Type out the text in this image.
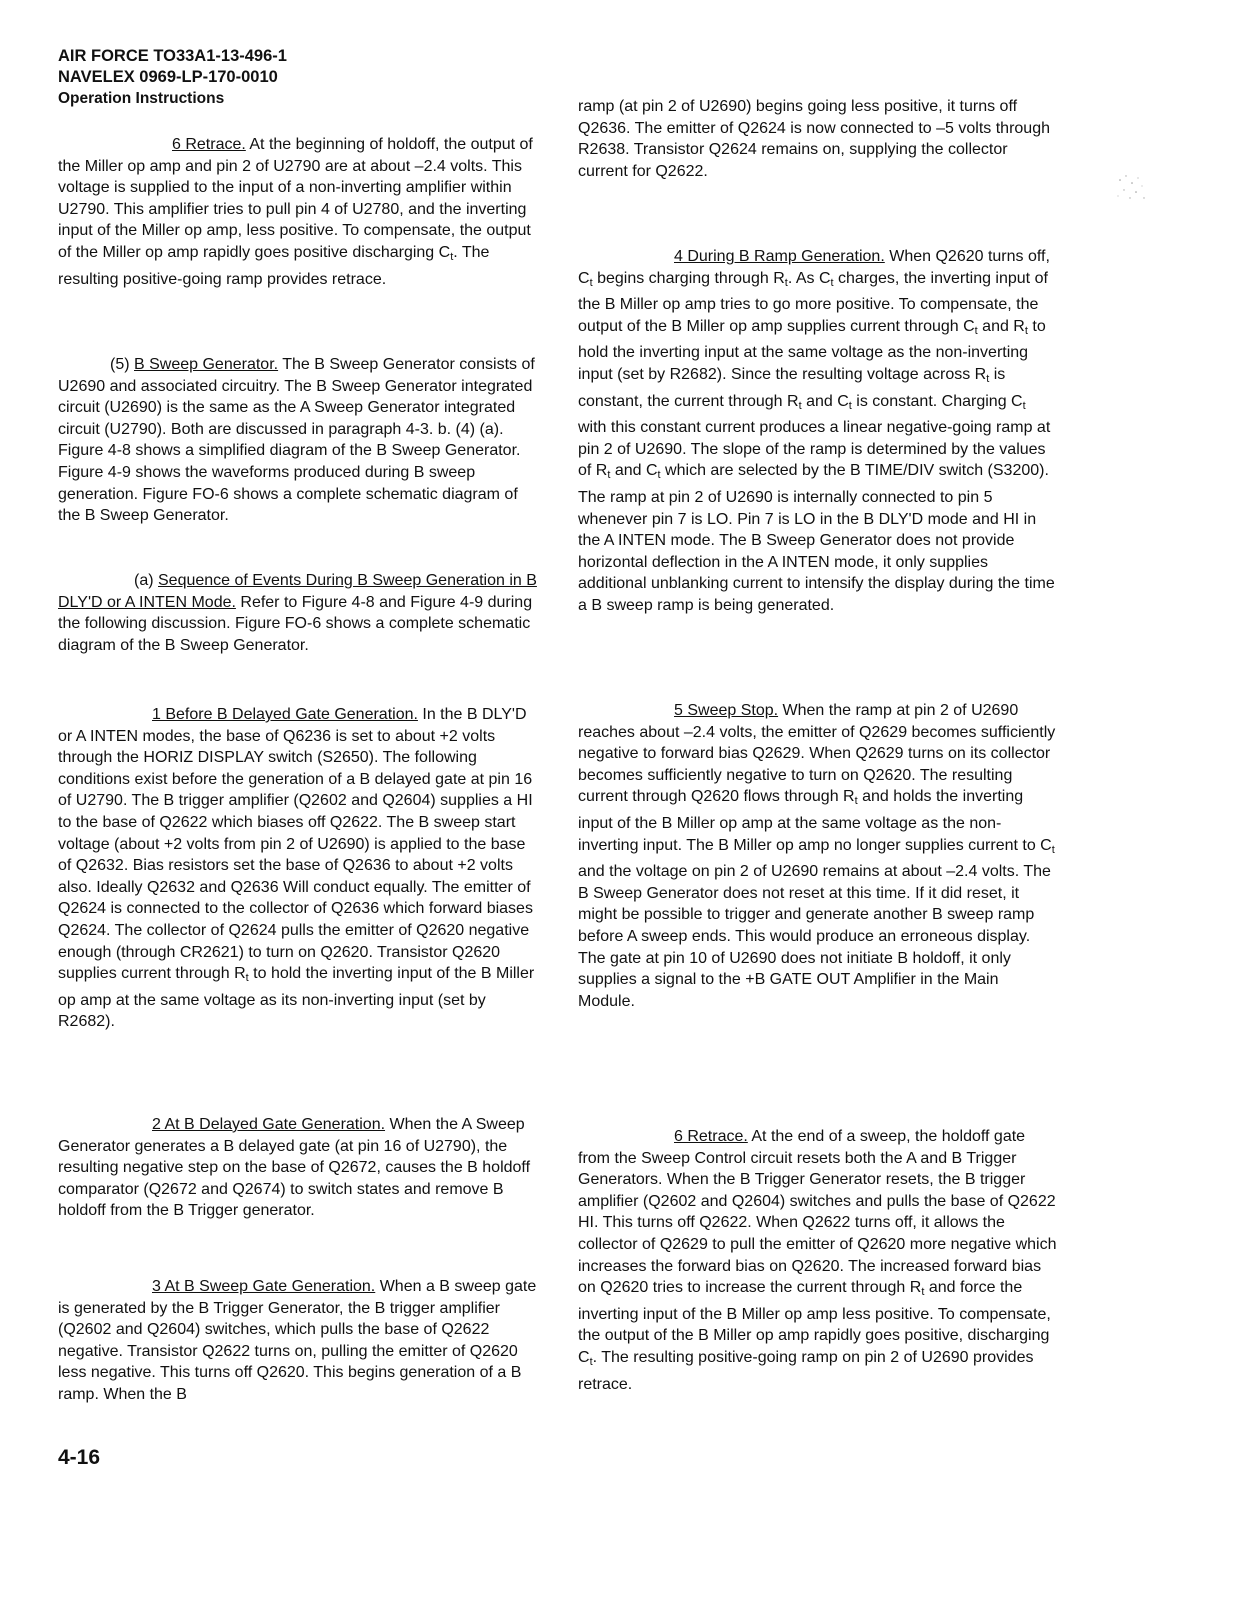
AIR FORCE TO33A1-13-496-1
NAVELEX 0969-LP-170-0010
Operation Instructions

6 Retrace. At the beginning of holdoff, the output of the Miller op amp and pin 2 of U2790 are at about –2.4 volts. This voltage is supplied to the input of a non-inverting amplifier within U2790. This amplifier tries to pull pin 4 of U2780, and the inverting input of the Miller op amp, less positive. To compensate, the output of the Miller op amp rapidly goes positive discharging Ct. The resulting positive-going ramp provides retrace.

(5) B Sweep Generator. The B Sweep Generator consists of U2690 and associated circuitry. The B Sweep Generator integrated circuit (U2690) is the same as the A Sweep Generator integrated circuit (U2790). Both are discussed in paragraph 4-3. b. (4) (a). Figure 4-8 shows a simplified diagram of the B Sweep Generator. Figure 4-9 shows the waveforms produced during B sweep generation. Figure FO-6 shows a complete schematic diagram of the B Sweep Generator.

(a) Sequence of Events During B Sweep Generation in B DLY'D or A INTEN Mode. Refer to Figure 4-8 and Figure 4-9 during the following discussion. Figure FO-6 shows a complete schematic diagram of the B Sweep Generator.

1 Before B Delayed Gate Generation. In the B DLY'D or A INTEN modes, the base of Q6236 is set to about +2 volts through the HORIZ DISPLAY switch (S2650). The following conditions exist before the generation of a B delayed gate at pin 16 of U2790. The B trigger amplifier (Q2602 and Q2604) supplies a HI to the base of Q2622 which biases off Q2622. The B sweep start voltage (about +2 volts from pin 2 of U2690) is applied to the base of Q2632. Bias resistors set the base of Q2636 to about +2 volts also. Ideally Q2632 and Q2636 Will conduct equally. The emitter of Q2624 is connected to the collector of Q2636 which forward biases Q2624. The collector of Q2624 pulls the emitter of Q2620 negative enough (through CR2621) to turn on Q2620. Transistor Q2620 supplies current through Rt to hold the inverting input of the B Miller op amp at the same voltage as its non-inverting input (set by R2682).

2 At B Delayed Gate Generation. When the A Sweep Generator generates a B delayed gate (at pin 16 of U2790), the resulting negative step on the base of Q2672, causes the B holdoff comparator (Q2672 and Q2674) to switch states and remove B holdoff from the B Trigger generator.

3 At B Sweep Gate Generation. When a B sweep gate is generated by the B Trigger Generator, the B trigger amplifier (Q2602 and Q2604) switches, which pulls the base of Q2622 negative. Transistor Q2622 turns on, pulling the emitter of Q2620 less negative. This turns off Q2620. This begins generation of a B ramp. When the B

ramp (at pin 2 of U2690) begins going less positive, it turns off Q2636. The emitter of Q2624 is now connected to –5 volts through R2638. Transistor Q2624 remains on, supplying the collector current for Q2622.

4 During B Ramp Generation. When Q2620 turns off, Ct begins charging through Rt. As Ct charges, the inverting input of the B Miller op amp tries to go more positive. To compensate, the output of the B Miller op amp supplies current through Ct and Rt to hold the inverting input at the same voltage as the non-inverting input (set by R2682). Since the resulting voltage across Rt is constant, the current through Rt and Ct is constant. Charging Ct with this constant current produces a linear negative-going ramp at pin 2 of U2690. The slope of the ramp is determined by the values of Rt and Ct which are selected by the B TIME/DIV switch (S3200). The ramp at pin 2 of U2690 is internally connected to pin 5 whenever pin 7 is LO. Pin 7 is LO in the B DLY'D mode and HI in the A INTEN mode. The B Sweep Generator does not provide horizontal deflection in the A INTEN mode, it only supplies additional unblanking current to intensify the display during the time a B sweep ramp is being generated.

5 Sweep Stop. When the ramp at pin 2 of U2690 reaches about –2.4 volts, the emitter of Q2629 becomes sufficiently negative to forward bias Q2629. When Q2629 turns on its collector becomes sufficiently negative to turn on Q2620. The resulting current through Q2620 flows through Rt and holds the inverting input of the B Miller op amp at the same voltage as the non-inverting input. The B Miller op amp no longer supplies current to Ct and the voltage on pin 2 of U2690 remains at about –2.4 volts. The B Sweep Generator does not reset at this time. If it did reset, it might be possible to trigger and generate another B sweep ramp before A sweep ends. This would produce an erroneous display. The gate at pin 10 of U2690 does not initiate B holdoff, it only supplies a signal to the +B GATE OUT Amplifier in the Main Module.

6 Retrace. At the end of a sweep, the holdoff gate from the Sweep Control circuit resets both the A and B Trigger Generators. When the B Trigger Generator resets, the B trigger amplifier (Q2602 and Q2604) switches and pulls the base of Q2622 HI. This turns off Q2622. When Q2622 turns off, it allows the collector of Q2629 to pull the emitter of Q2620 more negative which increases the forward bias on Q2620. The increased forward bias on Q2620 tries to increase the current through Rt and force the inverting input of the B Miller op amp less positive. To compensate, the output of the B Miller op amp rapidly goes positive, discharging Ct. The resulting positive-going ramp on pin 2 of U2690 provides retrace.

4-16
